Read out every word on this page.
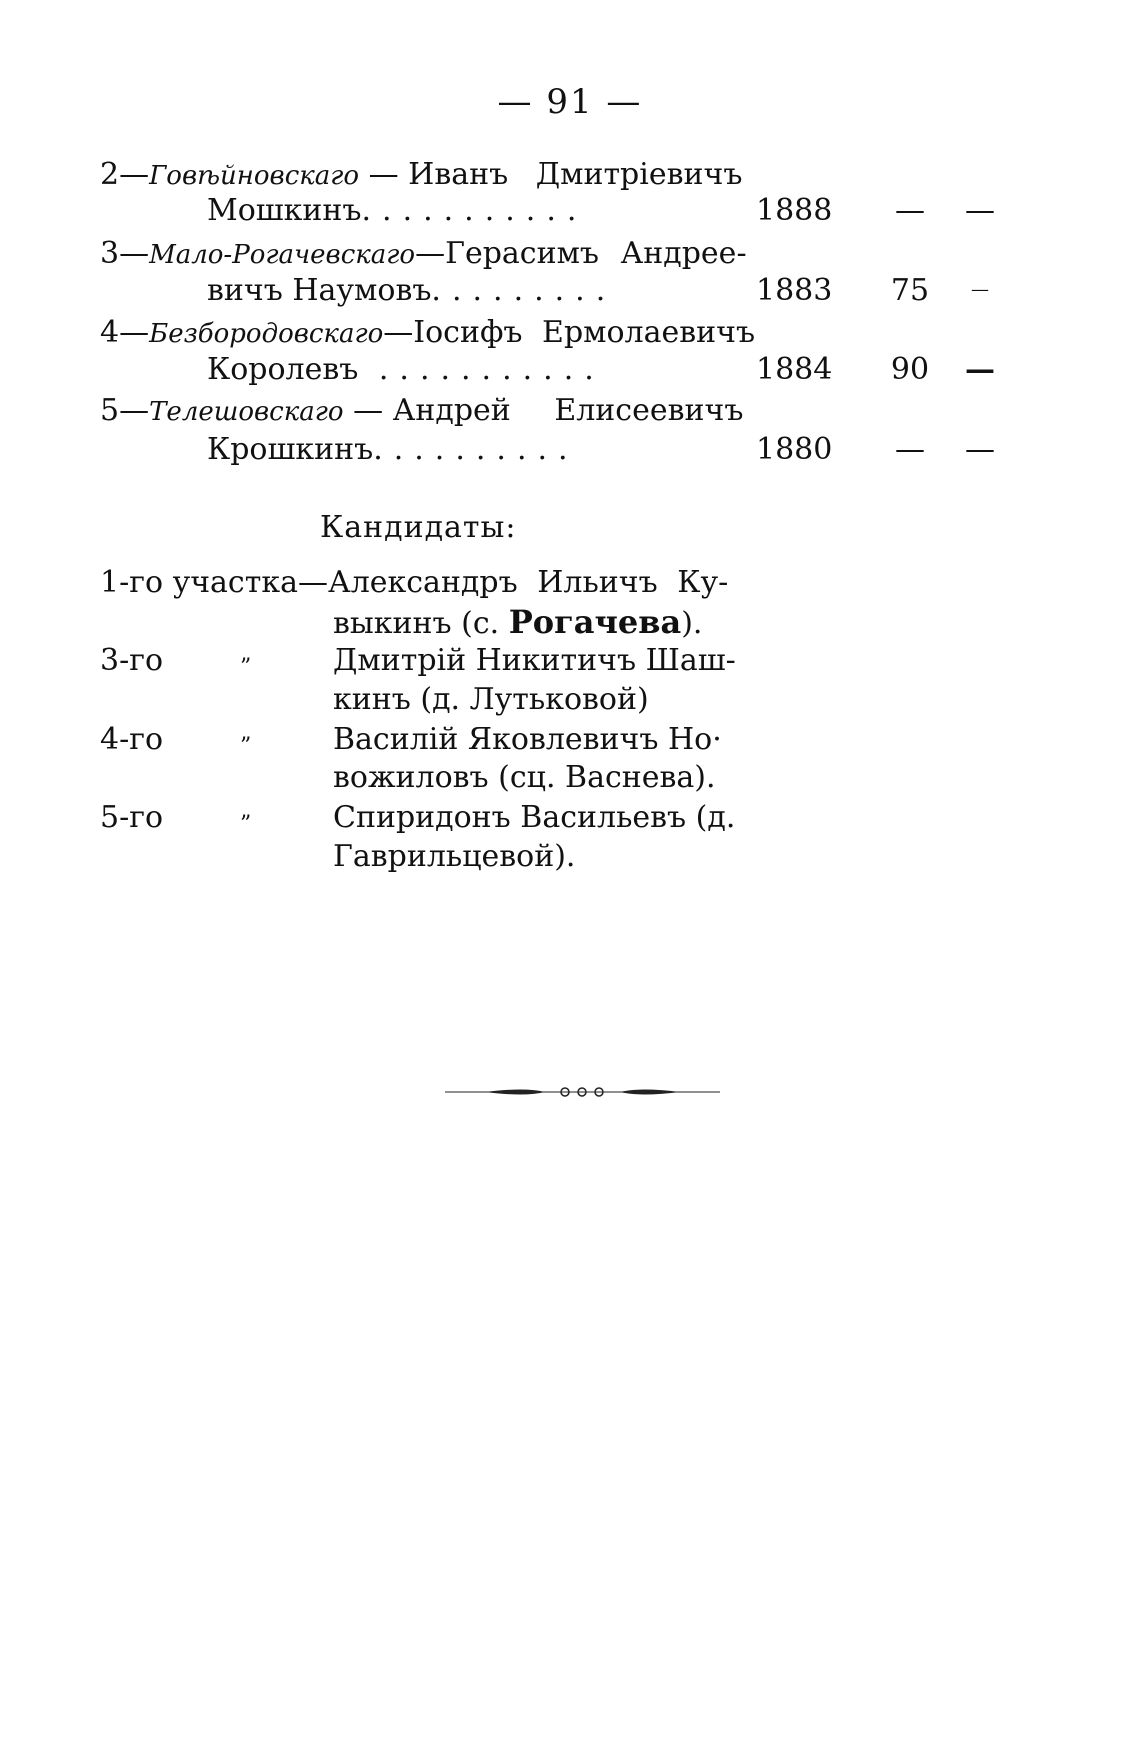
— 91 —
2—Говѣйновскаго — Иванъ Дмитріевичъ
Мошкинъ...........	1888	—	—
3—Мало-Рогачевскаго—Герасимъ Андрее-
вичъ Наумовъ.........	1883	75	—
4—Безбородовскаго—Іосифъ Ермолаевичъ
Королевъ ...........	1884	90	—
5—Телешовскаго — Андрей Елисеевичъ
Крошкинъ..........	1880	—	—
Кандидаты:
1-го участка—Александръ Ильичъ Ку-
выкинъ (с. Рогачева).
3-го	”	Дмитрій Никитичъ Шаш-
кинъ (д. Лутьковой)
4-го	”	Василій Яковлевичъ Но·
вожиловъ (сц. Васнева).
5-го	”	Спиридонъ Васильевъ (д.
Гаврильцевой).
